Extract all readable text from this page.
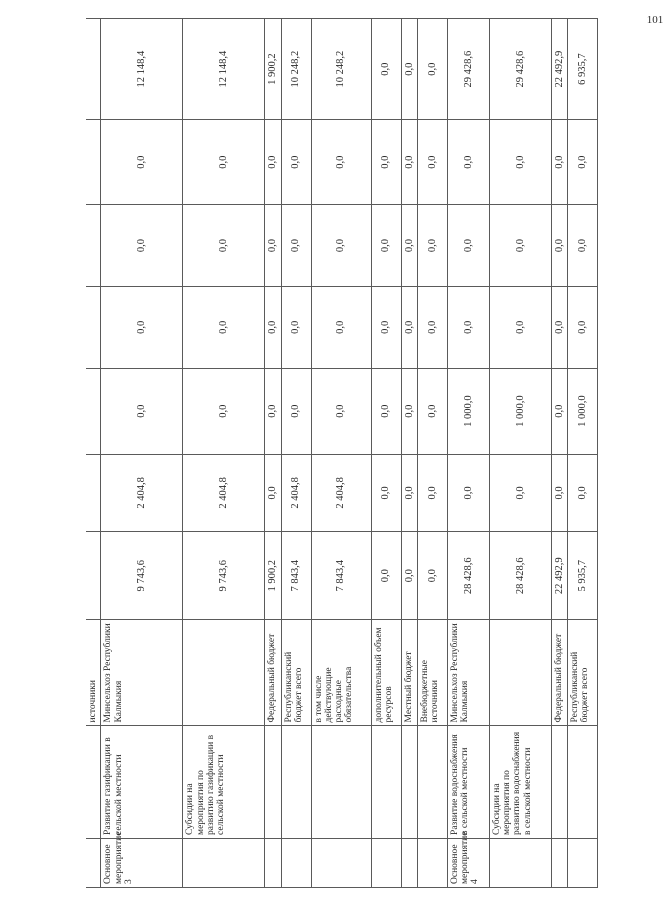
		источники							
Основное мероприятие 3	Развитие газификации в сельской местности	Минсельхоз Республики Калмыкия	9 743,6	2 404,8	0,0	0,0	0,0	0,0	12 148,4
	Субсидии на мероприятия по развитию газификации в сельской местности		9 743,6	2 404,8	0,0	0,0	0,0	0,0	12 148,4
		Федеральный бюджет	1 900,2	0,0	0,0	0,0	0,0	0,0	1 900,2
		Республиканский бюджет всего	7 843,4	2 404,8	0,0	0,0	0,0	0,0	10 248,2
		в том числе действующие расходные обязательства	7 843,4	2 404,8	0,0	0,0	0,0	0,0	10 248,2
		дополнительный объем ресурсов	0,0	0,0	0,0	0,0	0,0	0,0	0,0
		Местный бюджет	0,0	0,0	0,0	0,0	0,0	0,0	0,0
		Внебюджетные источники	0,0	0,0	0,0	0,0	0,0	0,0	0,0
Основное мероприятие 4	Развитие водоснабжения в сельской местности	Минсельхоз Республики Калмыкия	28 428,6	0,0	1 000,0	0,0	0,0	0,0	29 428,6
	Субсидии на мероприятия по развитию водоснабжения в сельской местности		28 428,6	0,0	1 000,0	0,0	0,0	0,0	29 428,6
		Федеральный бюджет	22 492,9	0,0	0,0	0,0	0,0	0,0	22 492,9
		Республиканский бюджет всего	5 935,7	0,0	1 000,0	0,0	0,0	0,0	6 935,7
101
